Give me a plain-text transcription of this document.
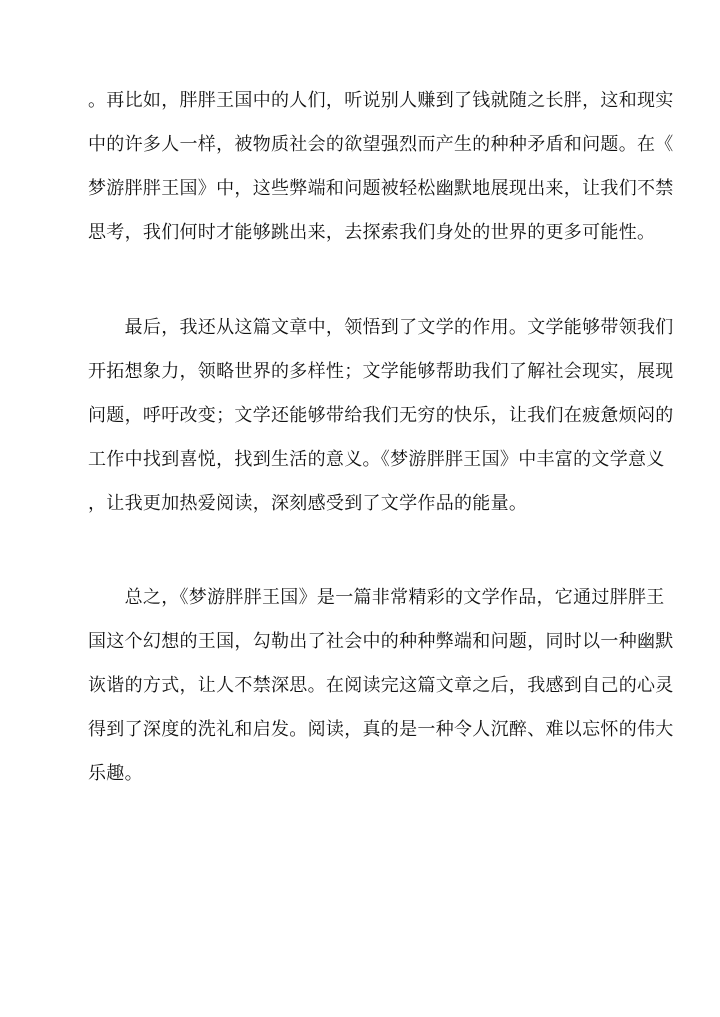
。再比如，胖胖王国中的人们，听说别人赚到了钱就随之长胖，这和现实
中的许多人一样，被物质社会的欲望强烈而产生的种种矛盾和问题。在《
梦游胖胖王国》中，这些弊端和问题被轻松幽默地展现出来，让我们不禁
思考，我们何时才能够跳出来，去探索我们身处的世界的更多可能性。
　　最后，我还从这篇文章中，领悟到了文学的作用。文学能够带领我们
开拓想象力，领略世界的多样性；文学能够帮助我们了解社会现实，展现
问题，呼吁改变；文学还能够带给我们无穷的快乐，让我们在疲惫烦闷的
工作中找到喜悦，找到生活的意义。《梦游胖胖王国》中丰富的文学意义
，让我更加热爱阅读，深刻感受到了文学作品的能量。
　　总之，《梦游胖胖王国》是一篇非常精彩的文学作品，它通过胖胖王
国这个幻想的王国，勾勒出了社会中的种种弊端和问题，同时以一种幽默
诙谐的方式，让人不禁深思。在阅读完这篇文章之后，我感到自己的心灵
得到了深度的洗礼和启发。阅读，真的是一种令人沉醉、难以忘怀的伟大
乐趣。
